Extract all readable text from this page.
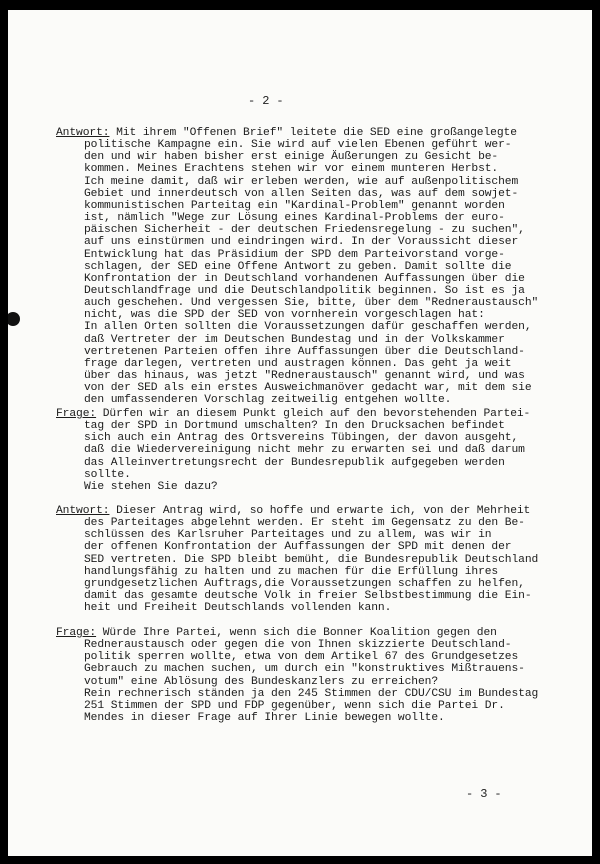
- 2 -
Antwort: Mit ihrem "Offenen Brief" leitete die SED eine großangelegte
politische Kampagne ein. Sie wird auf vielen Ebenen geführt wer-
den und wir haben bisher erst einige Äußerungen zu Gesicht be-
kommen. Meines Erachtens stehen wir vor einem munteren Herbst.
Ich meine damit, daß wir erleben werden, wie auf außenpolitischem
Gebiet und innerdeutsch von allen Seiten das, was auf dem sowjet-
kommunistischen Parteitag ein "Kardinal-Problem" genannt worden
ist, nämlich "Wege zur Lösung eines Kardinal-Problems der euro-
päischen Sicherheit - der deutschen Friedensregelung - zu suchen",
auf uns einstürmen und eindringen wird. In der Voraussicht dieser
Entwicklung hat das Präsidium der SPD dem Parteivorstand vorge-
schlagen, der SED eine Offene Antwort zu geben. Damit sollte die
Konfrontation der in Deutschland vorhandenen Auffassungen über die
Deutschlandfrage und die Deutschlandpolitik beginnen. So ist es ja
auch geschehen. Und vergessen Sie, bitte, über dem "Redneraustausch"
nicht, was die SPD der SED von vornherein vorgeschlagen hat:
In allen Orten sollten die Voraussetzungen dafür geschaffen werden,
daß Vertreter der im Deutschen Bundestag und in der Volkskammer
vertretenen Parteien offen ihre Auffassungen über die Deutschland-
frage darlegen, vertreten und austragen können. Das geht ja weit
über das hinaus, was jetzt "Redneraustausch" genannt wird, und was
von der SED als ein erstes Ausweichmanöver gedacht war, mit dem sie
den umfassenderen Vorschlag zeitweilig entgehen wollte.
Frage: Dürfen wir an diesem Punkt gleich auf den bevorstehenden Partei-
tag der SPD in Dortmund umschalten? In den Drucksachen befindet
sich auch ein Antrag des Ortsvereins Tübingen, der davon ausgeht,
daß die Wiedervereinigung nicht mehr zu erwarten sei und daß darum
das Alleinvertretungsrecht der Bundesrepublik aufgegeben werden
sollte.
Wie stehen Sie dazu?
Antwort: Dieser Antrag wird, so hoffe und erwarte ich, von der Mehrheit
des Parteitages abgelehnt werden. Er steht im Gegensatz zu den Be-
schlüssen des Karlsruher Parteitages und zu allem, was wir in
der offenen Konfrontation der Auffassungen der SPD mit denen der
SED vertreten. Die SPD bleibt bemüht, die Bundesrepublik Deutschland
handlungsfähig zu halten und zu machen für die Erfüllung ihres
grundgesetzlichen Auftrags,die Voraussetzungen schaffen zu helfen,
damit das gesamte deutsche Volk in freier Selbstbestimmung die Ein-
heit und Freiheit Deutschlands vollenden kann.
Frage: Würde Ihre Partei, wenn sich die Bonner Koalition gegen den
Redneraustausch oder gegen die von Ihnen skizzierte Deutschland-
politik sperren wollte, etwa von dem Artikel 67 des Grundgesetzes
Gebrauch zu machen suchen, um durch ein "konstruktives Mißtrauens-
votum" eine Ablösung des Bundeskanzlers zu erreichen?
Rein rechnerisch ständen ja den 245 Stimmen der CDU/CSU im Bundestag
251 Stimmen der SPD und FDP gegenüber, wenn sich die Partei Dr.
Mendes in dieser Frage auf Ihrer Linie bewegen wollte.
- 3 -
